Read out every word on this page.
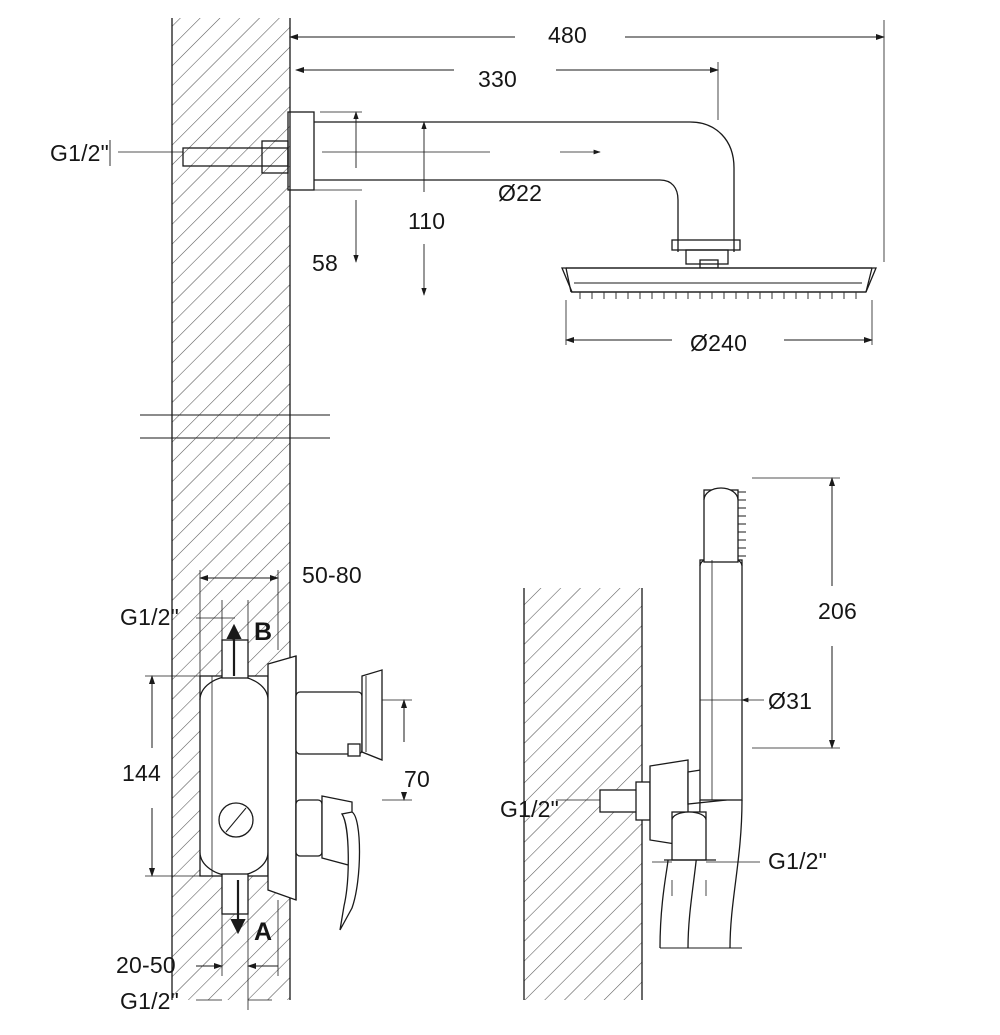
480
330
110
58
Ø22
Ø240
G1/2"
50-80
144	70
20-50
G1/2"
G1/2"
B
A
206
Ø31
G1/2"
G1/2"
